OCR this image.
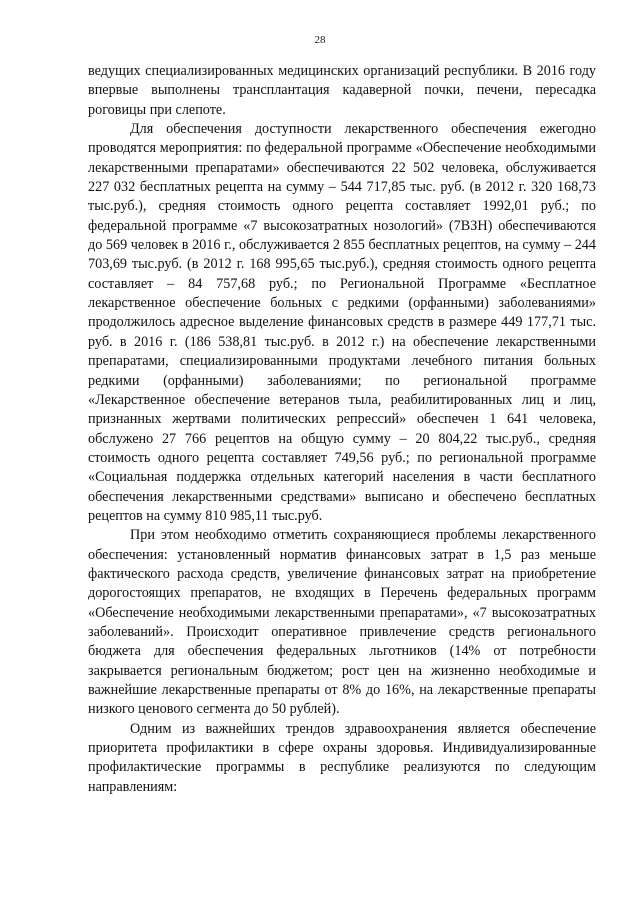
28

ведущих специализированных медицинских организаций республики. В 2016 году впервые выполнены трансплантация кадаверной почки, печени, пересадка роговицы при слепоте.

Для обеспечения доступности лекарственного обеспечения ежегодно проводятся мероприятия: по федеральной программе «Обеспечение необходимыми лекарственными препаратами» обеспечиваются 22 502 человека, обслуживается 227 032 бесплатных рецепта на сумму – 544 717,85 тыс. руб. (в 2012 г. 320 168,73 тыс.руб.), средняя стоимость одного рецепта составляет 1992,01 руб.; по федеральной программе «7 высокозатратных нозологий» (7ВЗН) обеспечиваются до 569 человек в 2016 г., обслуживается 2 855 бесплатных рецептов, на сумму – 244 703,69 тыс.руб. (в 2012 г. 168 995,65 тыс.руб.), средняя стоимость одного рецепта составляет – 84 757,68 руб.; по Региональной Программе «Бесплатное лекарственное обеспечение больных с редкими (орфанными) заболеваниями» продолжилось адресное выделение финансовых средств в размере 449 177,71 тыс. руб. в 2016 г. (186 538,81 тыс.руб. в 2012 г.) на обеспечение лекарственными препаратами, специализированными продуктами лечебного питания больных редкими (орфанными) заболеваниями; по региональной программе «Лекарственное обеспечение ветеранов тыла, реабилитированных лиц и лиц, признанных жертвами политических репрессий» обеспечен 1 641 человека, обслужено 27 766 рецептов на общую сумму – 20 804,22 тыс.руб., средняя стоимость одного рецепта составляет 749,56 руб.; по региональной программе «Социальная поддержка отдельных категорий населения в части бесплатного обеспечения лекарственными средствами» выписано и обеспечено бесплатных рецептов на сумму 810 985,11 тыс.руб.

При этом необходимо отметить сохраняющиеся проблемы лекарственного обеспечения: установленный норматив финансовых затрат в 1,5 раз меньше фактического расхода средств, увеличение финансовых затрат на приобретение дорогостоящих препаратов, не входящих в Перечень федеральных программ «Обеспечение необходимыми лекарственными препаратами», «7 высокозатратных заболеваний». Происходит оперативное привлечение средств регионального бюджета для обеспечения федеральных льготников (14% от потребности закрывается региональным бюджетом; рост цен на жизненно необходимые и важнейшие лекарственные препараты от 8% до 16%, на лекарственные препараты низкого ценового сегмента до 50 рублей).

Одним из важнейших трендов здравоохранения является обеспечение приоритета профилактики в сфере охраны здоровья. Индивидуализированные профилактические программы в республике реализуются по следующим направлениям:
